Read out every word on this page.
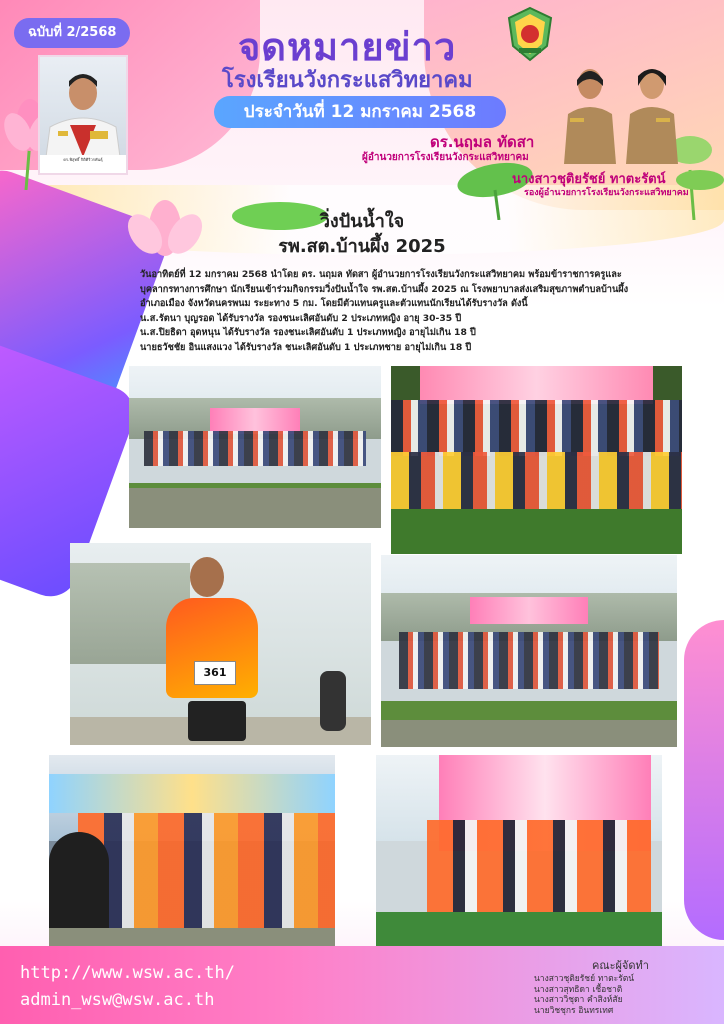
ฉบับที่ 2/2568
ดร.พิสุทธิ์ กิติศิริวรพันธุ์
จดหมายข่าว
โรงเรียนวังกระแสวิทยาคม
ประจำวันที่ 12 มกราคม 2568
ดร.นฤมล ทัดสา
ผู้อำนวยการโรงเรียนวังกระแสวิทยาคม
นางสาวชุติยรัชย์ ทาตะรัตน์
รองผู้อำนวยการโรงเรียนวังกระแสวิทยาคม
วิ่งปันน้ำใจ
รพ.สต.บ้านผึ้ง 2025

วันอาทิตย์ที่ 12 มกราคม 2568 นำโดย ดร. นฤมล ทัดสา ผู้อำนวยการโรงเรียนวังกระแสวิทยาคม พร้อมข้าราชการครูและ

บุคลากรทางการศึกษา นักเรียนเข้าร่วมกิจกรรมวิ่งปันน้ำใจ รพ.สต.บ้านผึ้ง 2025 ณ โรงพยาบาลส่งเสริมสุขภาพตำบลบ้านผึ้ง

อำเภอเมือง จังหวัดนครพนม ระยะทาง 5 กม. โดยมีตัวแทนครูและตัวแทนนักเรียนได้รับรางวัล ดังนี้

น.ส.รัตนา บุญรอด ได้รับรางวัล รองชนะเลิศอันดับ 2 ประเภทหญิง อายุ 30-35 ปี

น.ส.ปิยธิดา อุดหนุน ได้รับรางวัล รองชนะเลิศอันดับ 1 ประเภทหญิง อายุไม่เกิน 18 ปี

นายธวัชชัย อินแสงแวง ได้รับรางวัล ชนะเลิศอันดับ 1 ประเภทชาย อายุไม่เกิน 18 ปี

361
http://www.wsw.ac.th/
admin_wsw@wsw.ac.th
คณะผู้จัดทำ
นางสาวชุติยรัชย์ ทาตะรัตน์
นางสาวสุทธิดา เชื้อชาติ
นางสาววิชุดา คำสิงห์สัย
นายวิชชุกร อินทรเทศ
